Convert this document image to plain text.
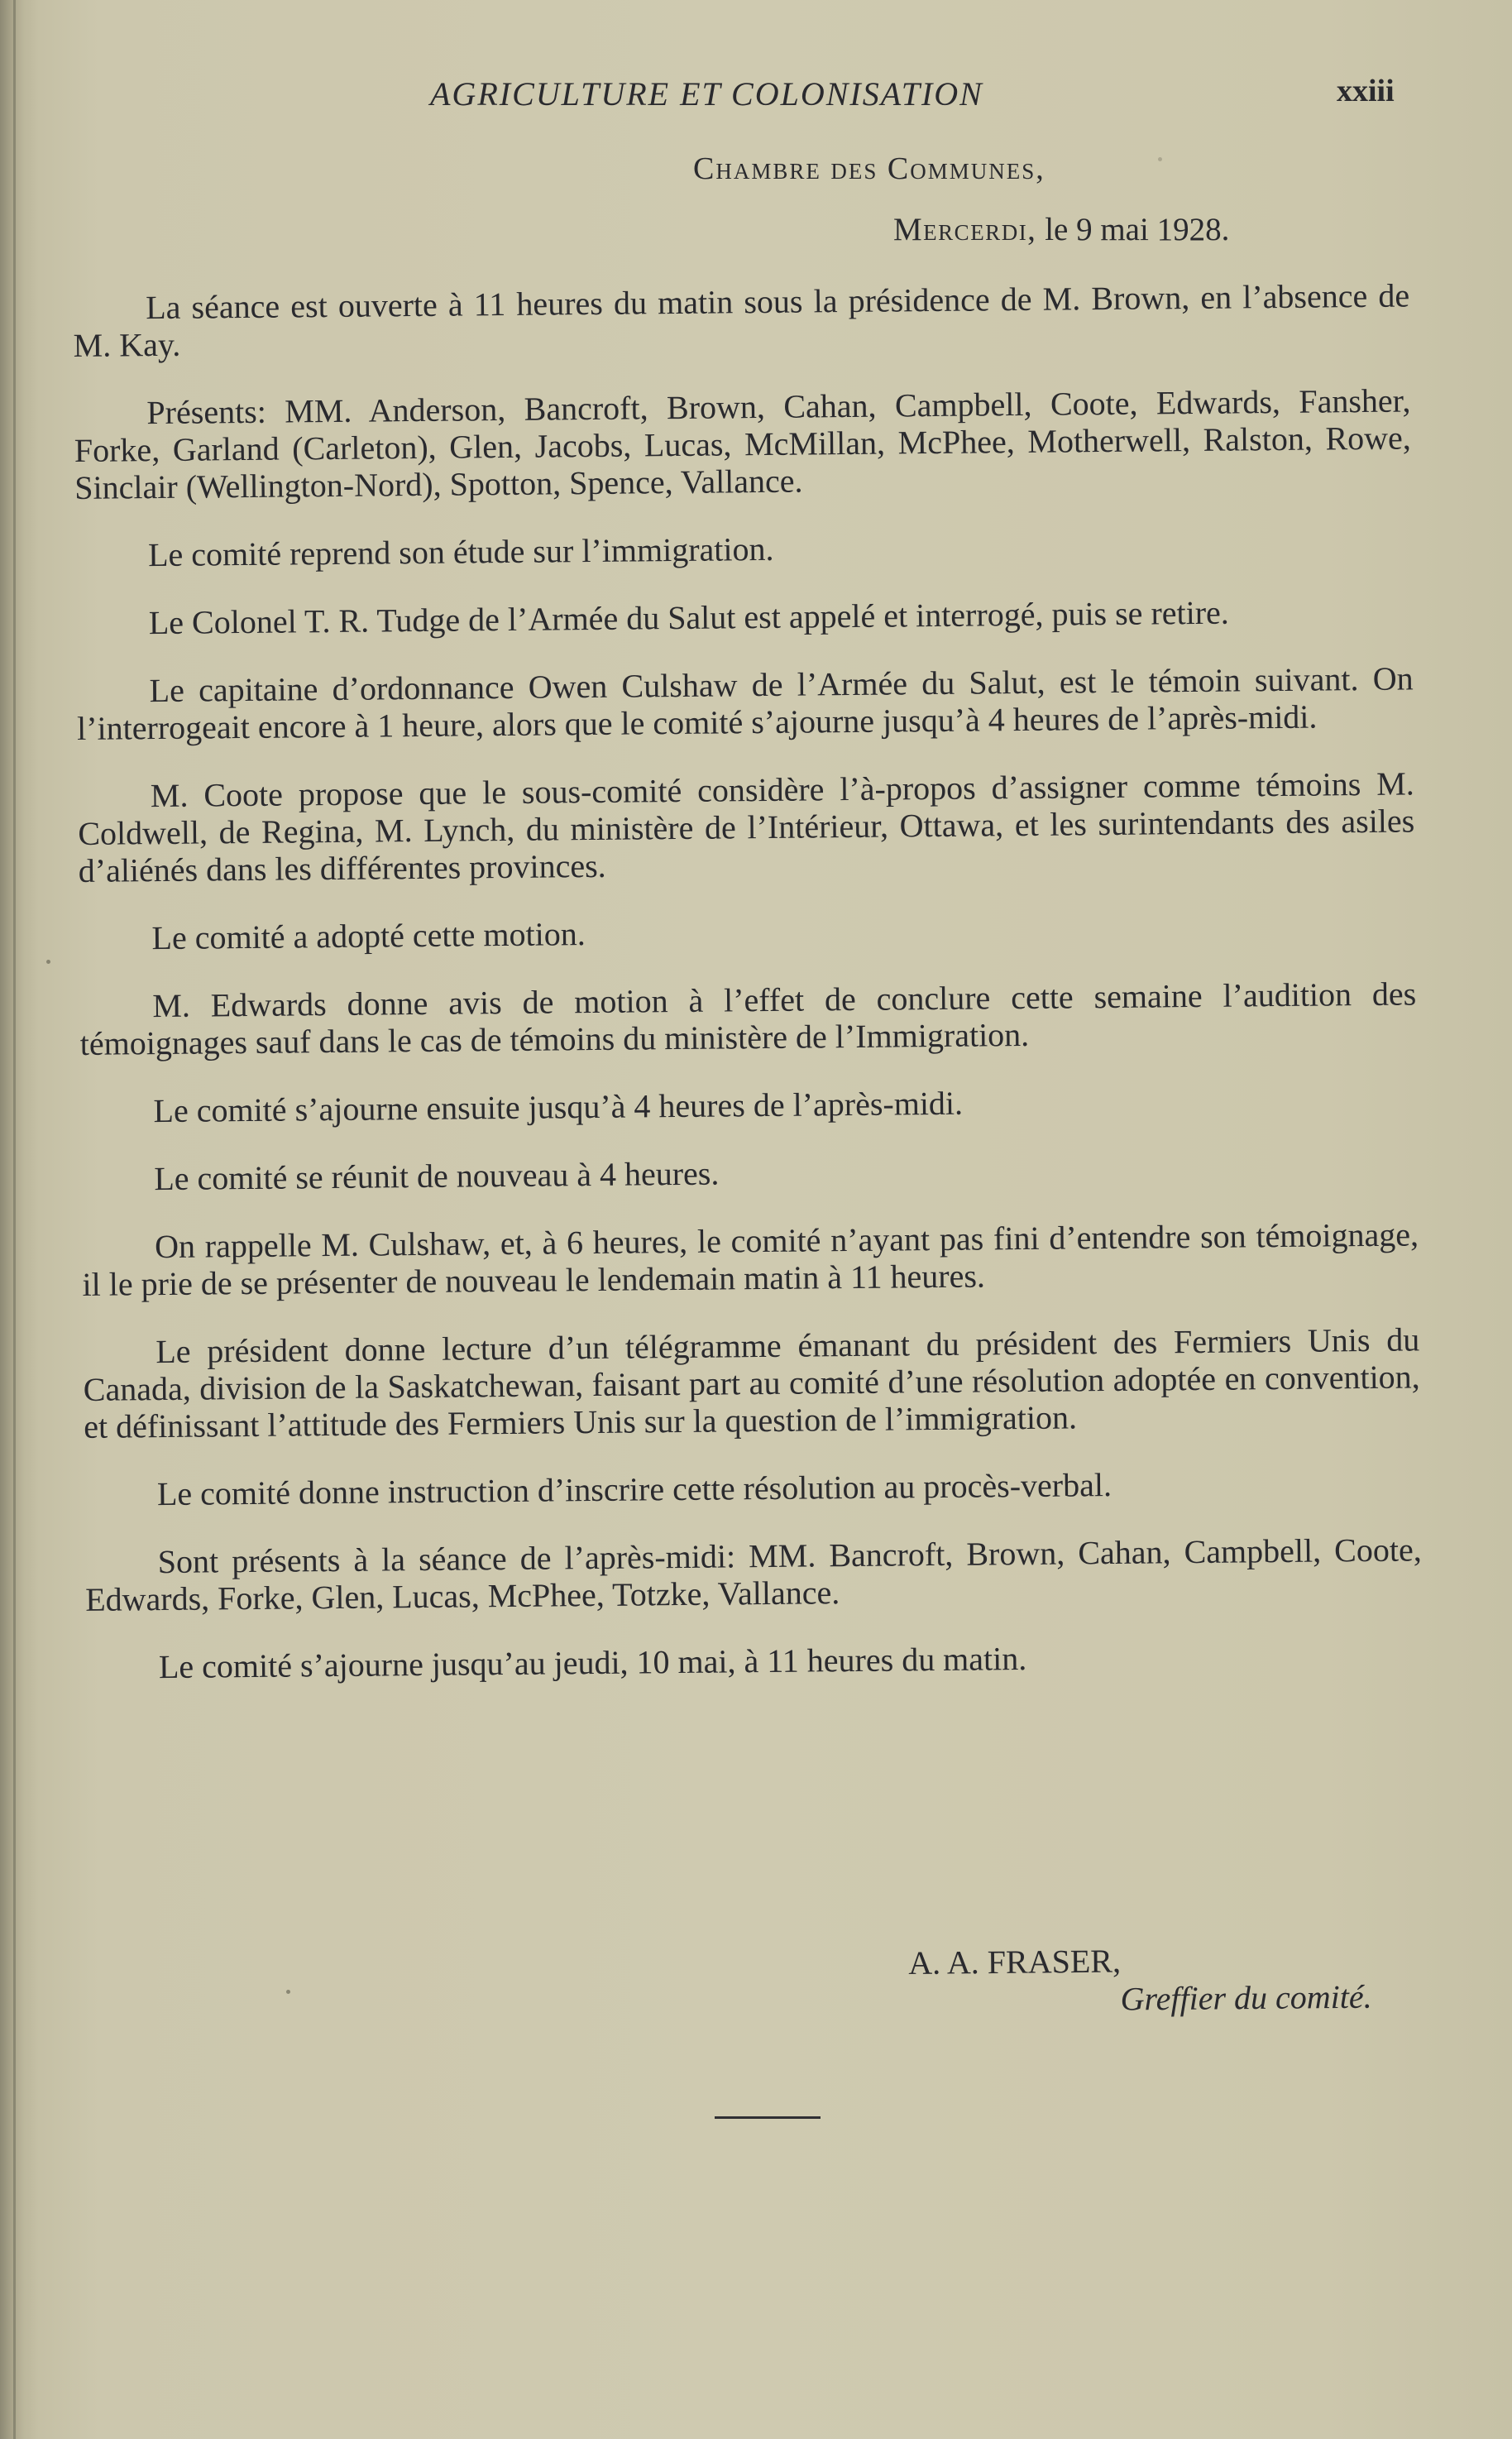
AGRICULTURE ET COLONISATION	xxiii
Chambre des Communes,
Mercerdi, le 9 mai 1928.

La séance est ouverte à 11 heures du matin sous la présidence de M. Brown, en l’absence de M. Kay.

Présents: MM. Anderson, Bancroft, Brown, Cahan, Campbell, Coote, Edwards, Fansher, Forke, Garland (Carleton), Glen, Jacobs, Lucas, McMillan, McPhee, Motherwell, Ralston, Rowe, Sinclair (Wellington-Nord), Spotton, Spence, Vallance.

Le comité reprend son étude sur l’immigration.

Le Colonel T. R. Tudge de l’Armée du Salut est appelé et interrogé, puis se retire.

Le capitaine d’ordonnance Owen Culshaw de l’Armée du Salut, est le témoin suivant. On l’interrogeait encore à 1 heure, alors que le comité s’ajourne jusqu’à 4 heures de l’après-midi.

M. Coote propose que le sous-comité considère l’à-propos d’assigner comme témoins M. Coldwell, de Regina, M. Lynch, du ministère de l’Intérieur, Ottawa, et les surintendants des asiles d’aliénés dans les différentes provinces.

Le comité a adopté cette motion.

M. Edwards donne avis de motion à l’effet de conclure cette semaine l’audition des témoignages sauf dans le cas de témoins du ministère de l’Immigration.

Le comité s’ajourne ensuite jusqu’à 4 heures de l’après-midi.

Le comité se réunit de nouveau à 4 heures.

On rappelle M. Culshaw, et, à 6 heures, le comité n’ayant pas fini d’entendre son témoignage, il le prie de se présenter de nouveau le lendemain matin à 11 heures.

Le président donne lecture d’un télégramme émanant du président des Fermiers Unis du Canada, division de la Saskatchewan, faisant part au comité d’une résolution adoptée en convention, et définissant l’attitude des Fermiers Unis sur la question de l’immigration.

Le comité donne instruction d’inscrire cette résolution au procès-verbal.

Sont présents à la séance de l’après-midi: MM. Bancroft, Brown, Cahan, Campbell, Coote, Edwards, Forke, Glen, Lucas, McPhee, Totzke, Vallance.

Le comité s’ajourne jusqu’au jeudi, 10 mai, à 11 heures du matin.

A. A. FRASER,
Greffier du comité.
